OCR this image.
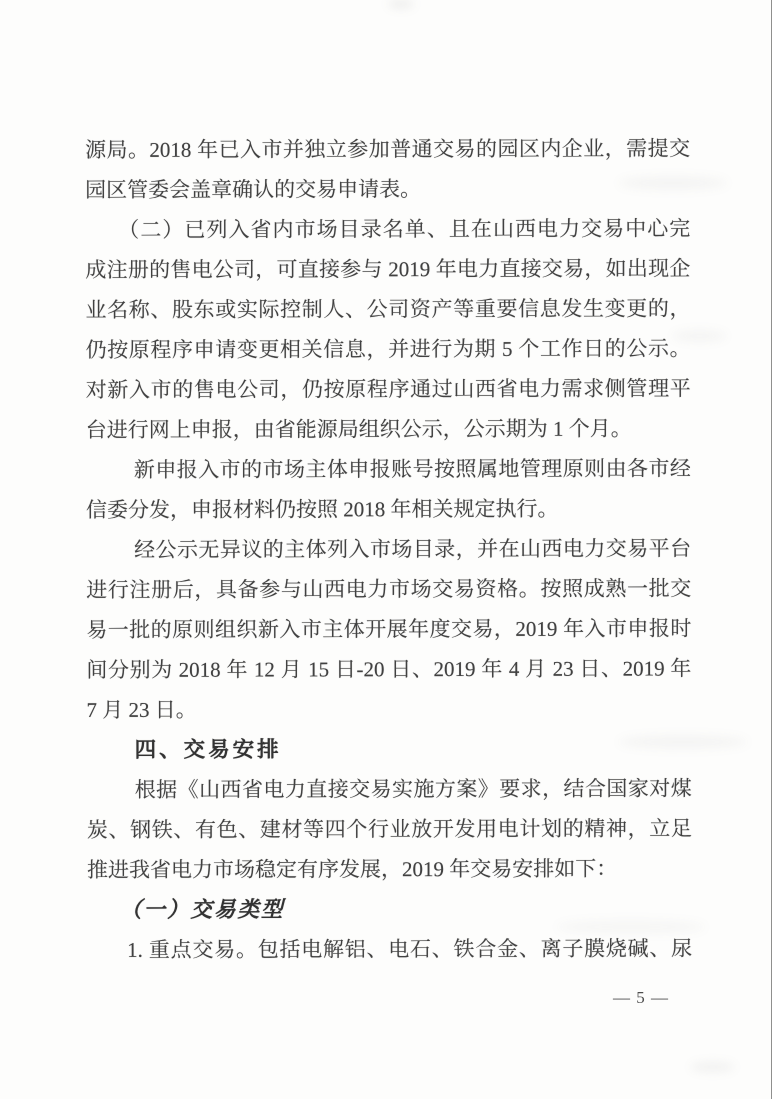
源局。2018 年已入市并独立参加普通交易的园区内企业，需提交
园区管委会盖章确认的交易申请表。
（二）已列入省内市场目录名单、且在山西电力交易中心完
成注册的售电公司，可直接参与 2019 年电力直接交易，如出现企
业名称、股东或实际控制人、公司资产等重要信息发生变更的，
仍按原程序申请变更相关信息，并进行为期 5 个工作日的公示。
对新入市的售电公司，仍按原程序通过山西省电力需求侧管理平
台进行网上申报，由省能源局组织公示，公示期为 1 个月。
新申报入市的市场主体申报账号按照属地管理原则由各市经
信委分发，申报材料仍按照 2018 年相关规定执行。
经公示无异议的主体列入市场目录，并在山西电力交易平台
进行注册后，具备参与山西电力市场交易资格。按照成熟一批交
易一批的原则组织新入市主体开展年度交易，2019 年入市申报时
间分别为 2018 年 12 月 15 日-20 日、2019 年 4 月 23 日、2019 年
7 月 23 日。
四、交易安排
根据《山西省电力直接交易实施方案》要求，结合国家对煤
炭、钢铁、有色、建材等四个行业放开发用电计划的精神，立足
推进我省电力市场稳定有序发展，2019 年交易安排如下：
（一）交易类型
1. 重点交易。包括电解铝、电石、铁合金、离子膜烧碱、尿
— 5 —
